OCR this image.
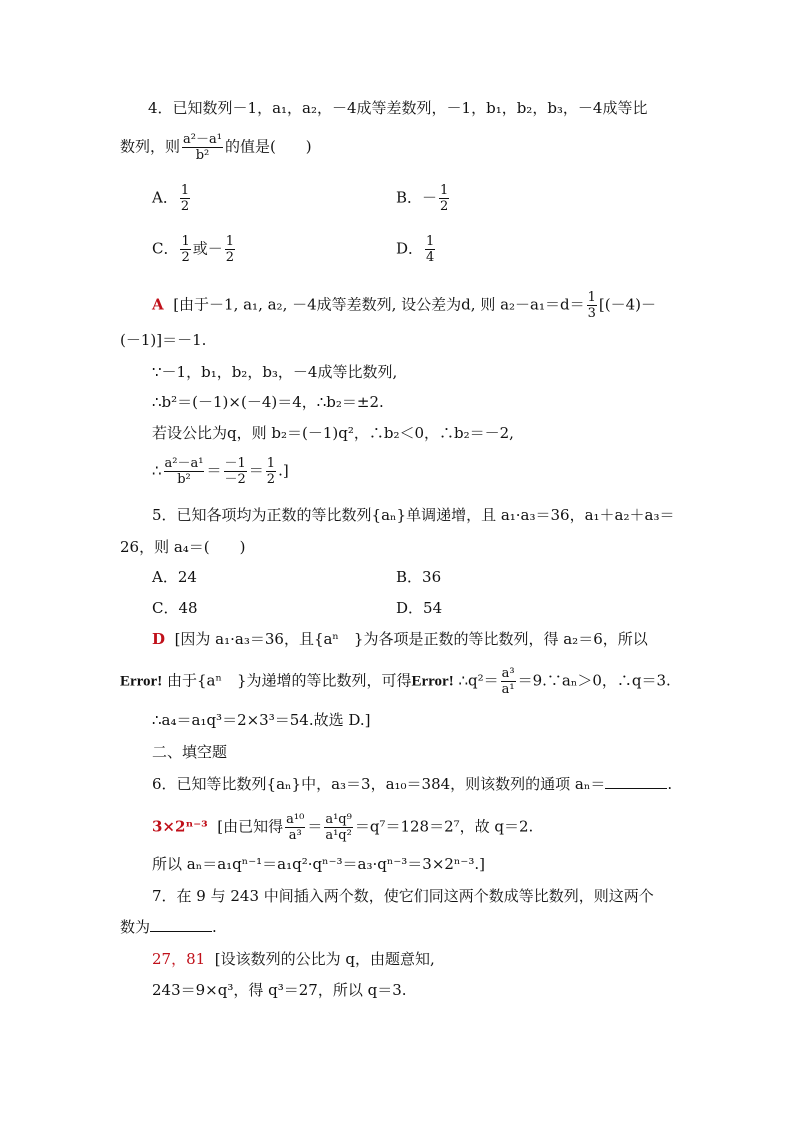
4．已知数列－1，a₁，a₂，－4成等差数列，－1，b₁，b₂，b₃，－4成等比
数列，则 $\frac{\text{a²－a¹}}{\text{b²}}$ 的值是(　　)
A． $\frac{1}{2}$	B．－ $\frac{1}{2}$
C． $\frac{1}{2}$ 或－ $\frac{1}{2}$	D． $\frac{1}{4}$
A [由于－1, a₁, a₂, －4成等差数列, 设公差为d, 则 $a_2-a_1=d= \frac{1}{3} [(-4)-$
(－1)]＝－1.
∵－1，b₁，b₂，b₃，－4成等比数列,
∴b²＝(－1)×(－4)＝4，∴b₂＝±2.
若设公比为q，则 b₂＝(－1)q²，∴b₂＜0，∴b₂＝－2,
∴ $\frac{\text{a²－a¹}}{\text{b²}} = \frac{-1}{-2} = \frac{1}{2}$ .]
5．已知各项均为正数的等比数列{aₙ}单调递增，且 a₁·a₃＝36，a₁＋a₂＋a₃＝
26，则 a₄＝(　　)
A．24	B．36
C．48	D．54
D [因为 a₁·a₃＝36，且{aⁿ　}为各项是正数的等比数列，得 a₂＝6，所以
Error! 由于{aⁿ　}为递增的等比数列，可得Error! ∴q²＝ $\frac{\text{a³}}{\text{a¹}}$ ＝9.∵aₙ＞0，∴q＝3.
∴a₄＝a₁q³＝2×3³＝54.故选 D.]
二、填空题
6．已知等比数列{aₙ}中，a₃＝3，a₁₀＝384，则该数列的通项 aₙ＝	.
3×2ⁿ⁻³ [由已知得 $\frac{\text{a¹⁰}}{\text{a³}} = \frac{\text{a¹q⁹}}{\text{a¹q²}} =q^7=128=2^7$，故 q＝2.
所以 aₙ＝a₁qⁿ⁻¹＝a₁q²·qⁿ⁻³＝a₃·qⁿ⁻³＝3×2ⁿ⁻³.]
7．在 9 与 243 中间插入两个数，使它们同这两个数成等比数列，则这两个
数为	.
27，81 [设该数列的公比为 q，由题意知,
243＝9×q³，得 q³＝27，所以 q＝3.
